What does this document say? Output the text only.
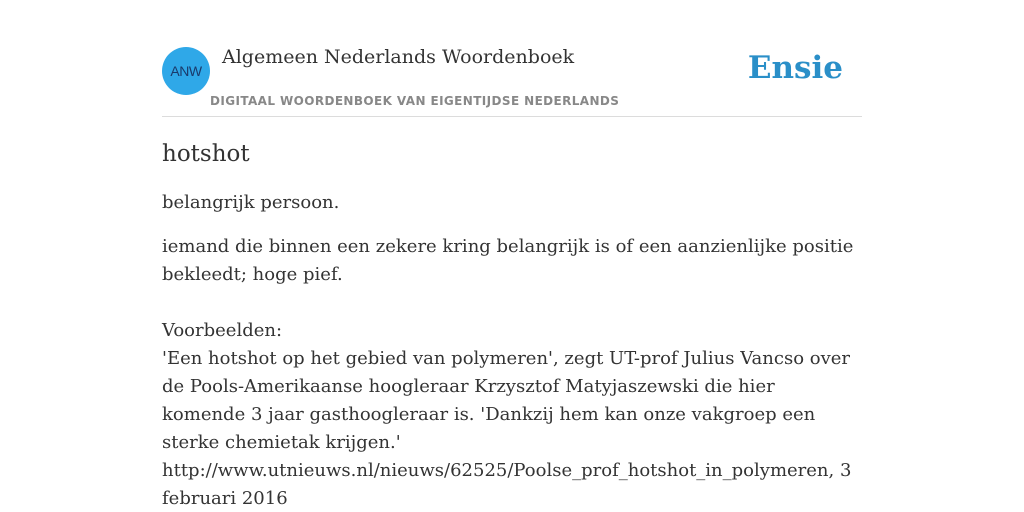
ANW
Algemeen Nederlands Woordenboek
DIGITAAL WOORDENBOEK VAN EIGENTIJDSE NEDERLANDS
Ensie
hotshot

belangrijk persoon.

iemand die binnen een zekere kring belangrijk is of een aanzienlijke positie bekleedt; hoge pief.

Voorbeelden:
'Een hotshot op het gebied van polymeren', zegt UT-prof Julius Vancso over de Pools-Amerikaanse hoogleraar Krzysztof Matyjaszewski die hier komende 3 jaar gasthoogleraar is. 'Dankzij hem kan onze vakgroep een sterke chemietak krijgen.' http://www.utnieuws.nl/nieuws/62525/Poolse_prof_hotshot_in_polymeren, 3 februari 2016
